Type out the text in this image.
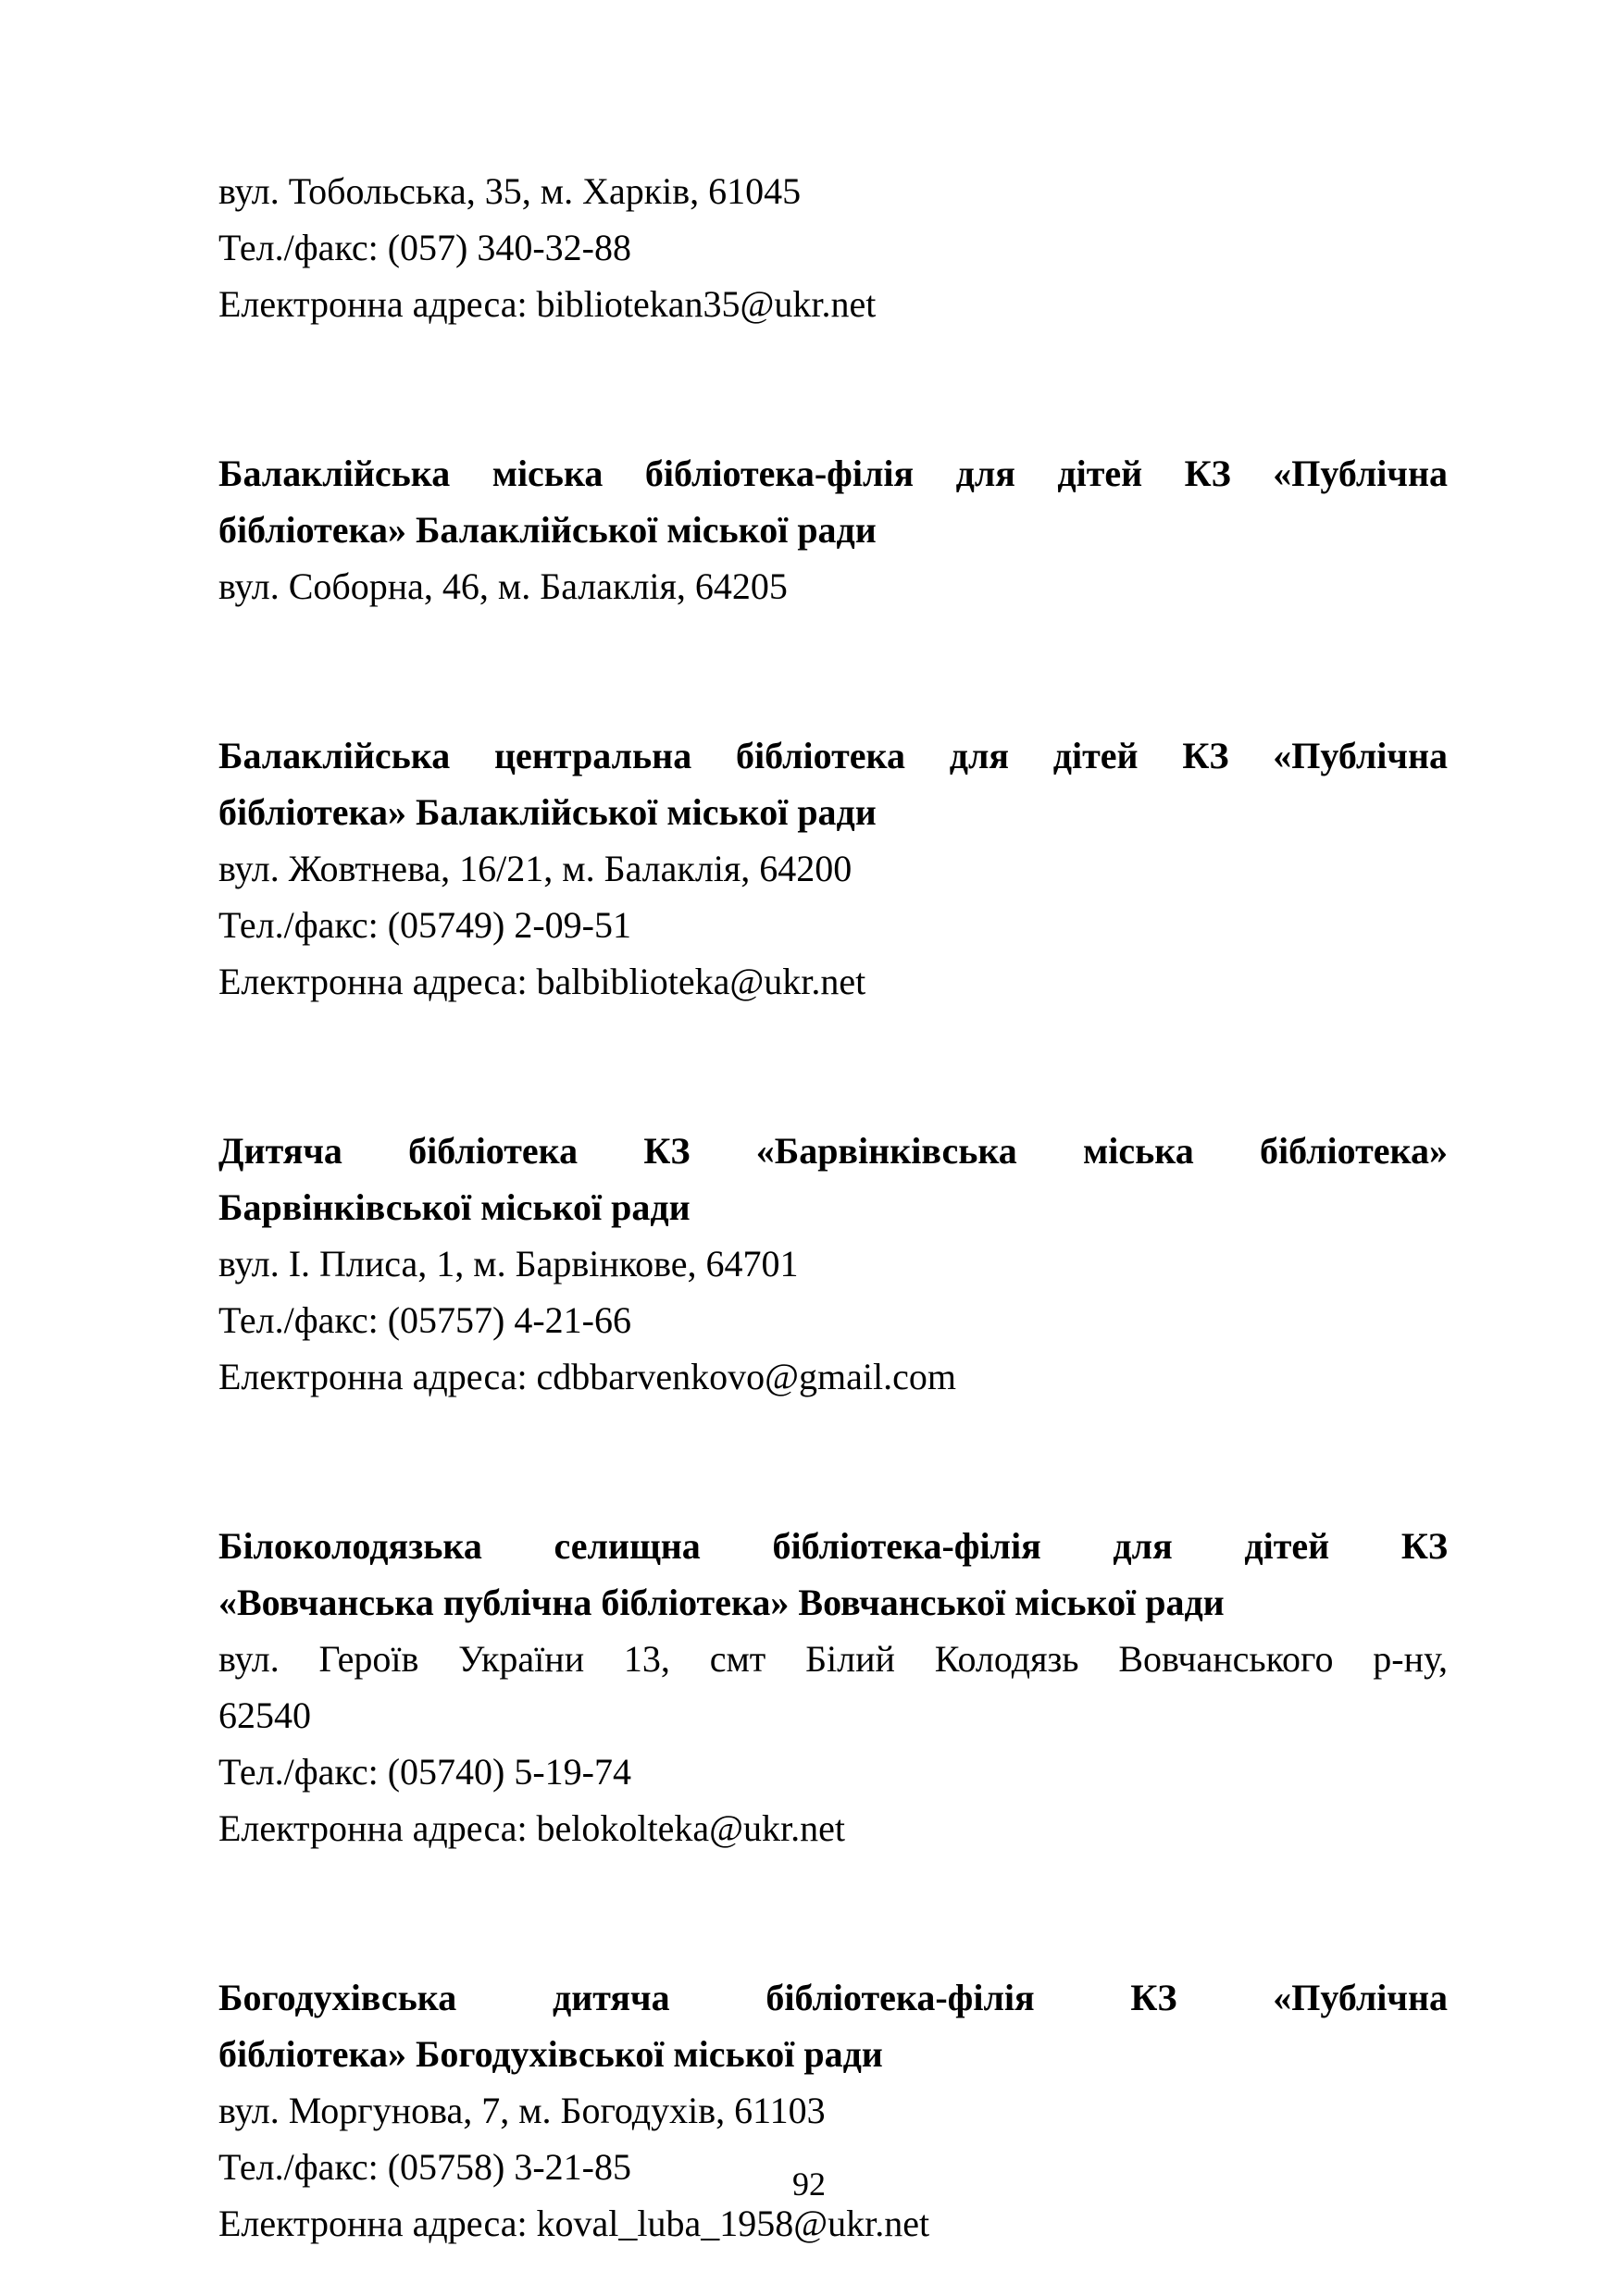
вул. Тобольська, 35, м. Харків, 61045

Тел./факс: (057) 340-32-88

Електронна адреса: bibliotekan35@ukr.net

Балаклійська міська бібліотека-філія для дітей КЗ «Публічна
бібліотека» Балаклійської міської ради

вул. Соборна, 46, м. Балаклія, 64205

Балаклійська центральна бібліотека для дітей КЗ «Публічна
бібліотека» Балаклійської міської ради

вул. Жовтнева, 16/21, м. Балаклія, 64200

Тел./факс: (05749) 2-09-51

Електронна адреса: balbiblioteka@ukr.net

Дитяча бібліотека КЗ «Барвінківська міська бібліотека»
Барвінківської міської ради

вул. І. Плиса, 1, м. Барвінкове, 64701

Тел./факс: (05757) 4-21-66

Електронна адреса: cdbbarvenkovo@gmail.com

Білоколодязька селищна бібліотека-філія для дітей КЗ
«Вовчанська публічна бібліотека» Вовчанської міської ради
вул. Героїв України 13, смт Білий Колодязь Вовчанського р-ну,
62540

Тел./факс: (05740) 5-19-74

Електронна адреса: belokolteka@ukr.net

Богодухівська дитяча бібліотека-філія КЗ «Публічна
бібліотека» Богодухівської міської ради

вул. Моргунова, 7, м. Богодухів, 61103

Тел./факс: (05758) 3-21-85

Електронна адреса: koval_luba_1958@ukr.net

92
